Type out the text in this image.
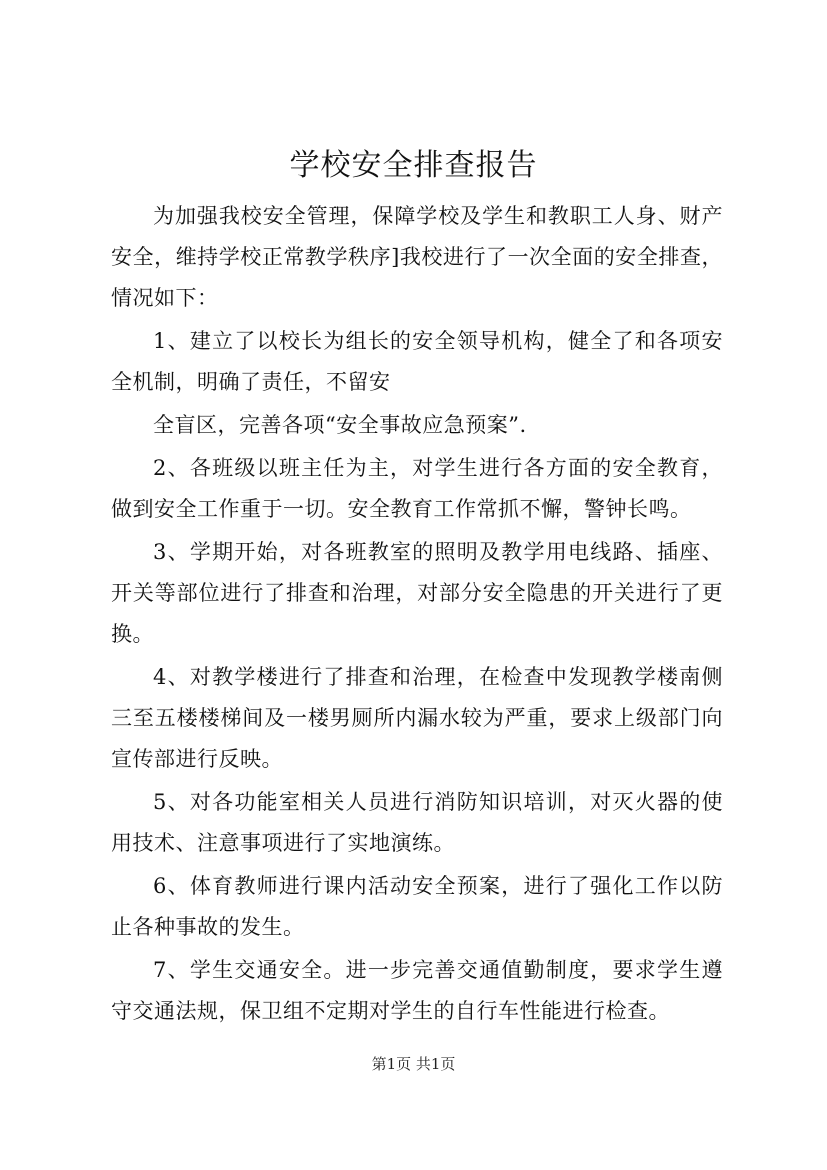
学校安全排查报告

为加强我校安全管理，保障学校及学生和教职工人身、财产安全，维持学校正常教学秩序]我校进行了一次全面的安全排查，情况如下：

1、建立了以校长为组长的安全领导机构，健全了和各项安全机制，明确了责任，不留安

全盲区，完善各项“安全事故应急预案”.

2、各班级以班主任为主，对学生进行各方面的安全教育，做到安全工作重于一切。安全教育工作常抓不懈，警钟长鸣。

3、学期开始，对各班教室的照明及教学用电线路、插座、开关等部位进行了排查和治理，对部分安全隐患的开关进行了更换。

4、对教学楼进行了排查和治理，在检查中发现教学楼南侧三至五楼楼梯间及一楼男厕所内漏水较为严重，要求上级部门向宣传部进行反映。

5、对各功能室相关人员进行消防知识培训，对灭火器的使用技术、注意事项进行了实地演练。

6、体育教师进行课内活动安全预案，进行了强化工作以防止各种事故的发生。

7、学生交通安全。进一步完善交通值勤制度，要求学生遵守交通法规，保卫组不定期对学生的自行车性能进行检查。

第1页 共1页
